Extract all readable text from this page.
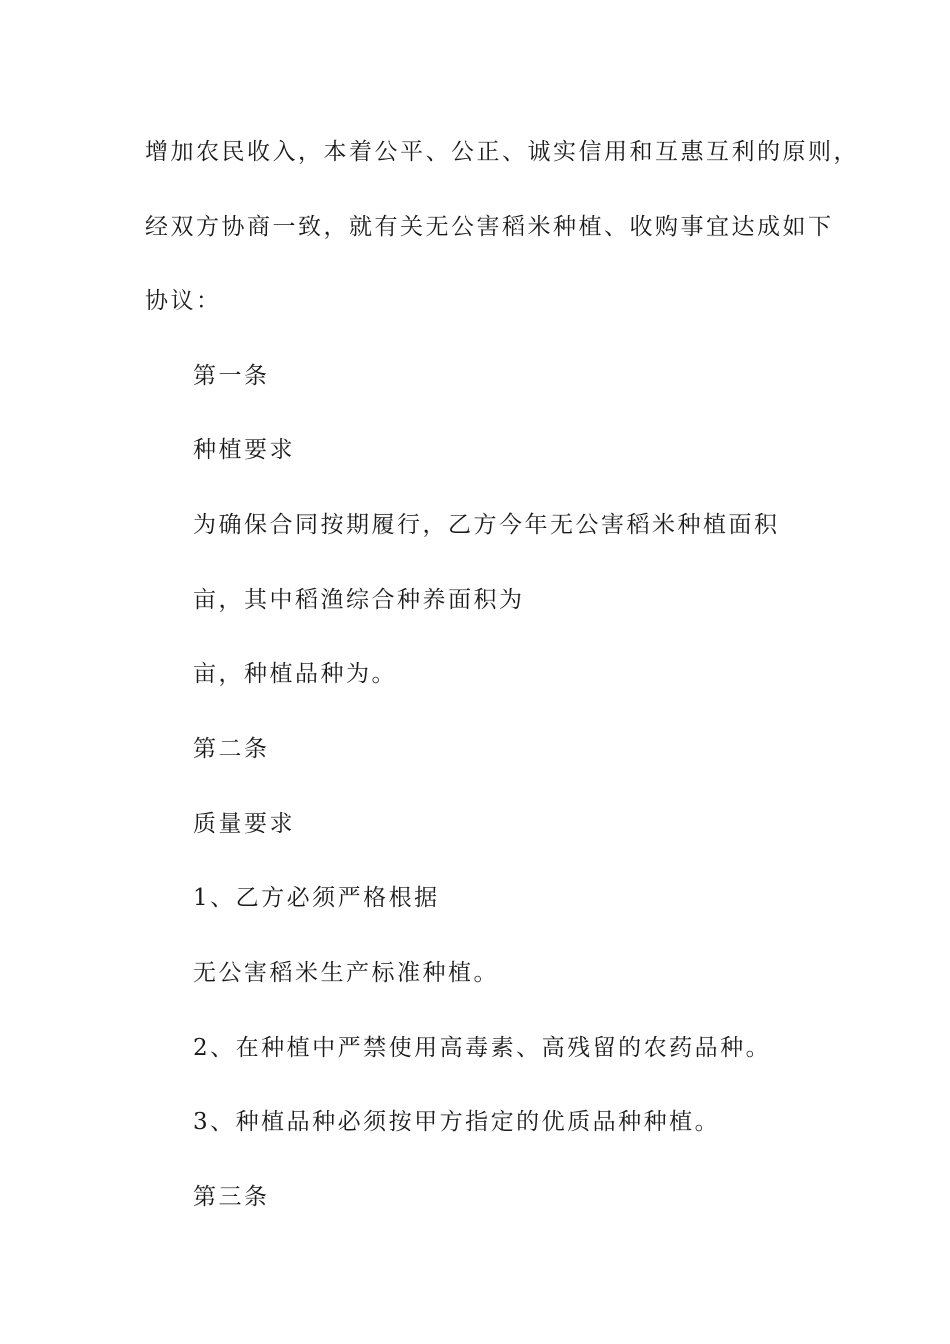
增加农民收入，本着公平、公正、诚实信用和互惠互利的原则，
经双方协商一致，就有关无公害稻米种植、收购事宜达成如下
协议：
第一条
种植要求
为确保合同按期履行，乙方今年无公害稻米种植面积
亩，其中稻渔综合种养面积为
亩，种植品种为。
第二条
质量要求
1、乙方必须严格根据
无公害稻米生产标准种植。
2、在种植中严禁使用高毒素、高残留的农药品种。
3、种植品种必须按甲方指定的优质品种种植。
第三条
